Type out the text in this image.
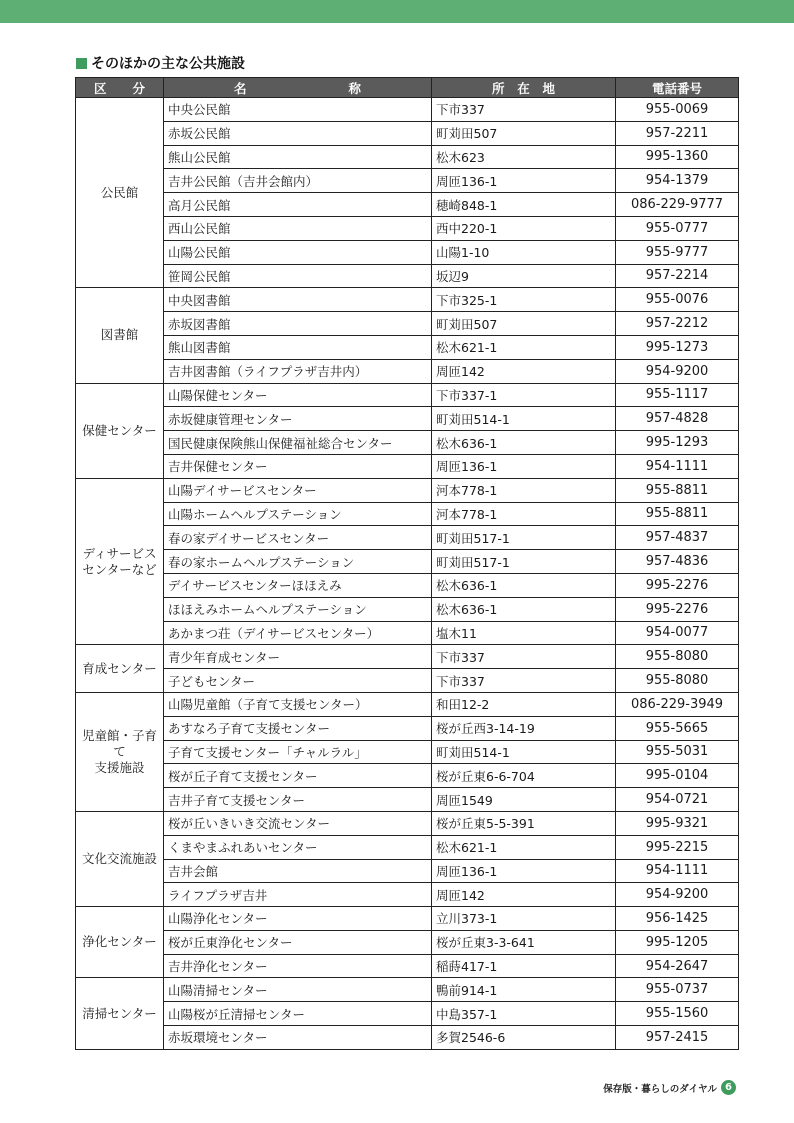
そのほかの主な公共施設
区 分	名 称	所 在 地	電話番号
公民館	中央公民館	下市337	955-0069
	赤坂公民館	町苅田507	957-2211
	熊山公民館	松木623	995-1360
	吉井公民館（吉井会館内）	周匝136-1	954-1379
	高月公民館	穂崎848-1	086-229-9777
	西山公民館	西中220-1	955-0777
	山陽公民館	山陽1-10	955-9777
	笹岡公民館	坂辺9	957-2214
図書館	中央図書館	下市325-1	955-0076
	赤坂図書館	町苅田507	957-2212
	熊山図書館	松木621-1	995-1273
	吉井図書館（ライフプラザ吉井内）	周匝142	954-9200
保健センター	山陽保健センター	下市337-1	955-1117
	赤坂健康管理センター	町苅田514-1	957-4828
	国民健康保険熊山保健福祉総合センター	松木636-1	995-1293
	吉井保健センター	周匝136-1	954-1111

ディサービス
センターなど	山陽デイサービスセンター	河本778-1	955-8811
	山陽ホームヘルプステーション	河本778-1	955-8811
	春の家デイサービスセンター	町苅田517-1	957-4837
	春の家ホームヘルプステーション	町苅田517-1	957-4836
	デイサービスセンターほほえみ	松木636-1	995-2276
	ほほえみホームヘルプステーション	松木636-1	995-2276
	あかまつ荘（デイサービスセンター）	塩木11	954-0077
育成センター	青少年育成センター	下市337	955-8080
	子どもセンター	下市337	955-8080

児童館・子育て
支援施設	山陽児童館（子育て支援センター）	和田12-2	086-229-3949
	あすなろ子育て支援センター	桜が丘西3-14-19	955-5665
	子育て支援センター「チャルラル」	町苅田514-1	955-5031
	桜が丘子育て支援センター	桜が丘東6-6-704	995-0104
	吉井子育て支援センター	周匝1549	954-0721
文化交流施設	桜が丘いきいき交流センター	桜が丘東5-5-391	995-9321
	くまやまふれあいセンター	松木621-1	995-2215
	吉井会館	周匝136-1	954-1111
	ライフプラザ吉井	周匝142	954-9200
浄化センター	山陽浄化センター	立川373-1	956-1425
	桜が丘東浄化センター	桜が丘東3-3-641	995-1205
	吉井浄化センター	稲蒔417-1	954-2647
清掃センター	山陽清掃センター	鴨前914-1	955-0737
	山陽桜が丘清掃センター	中島357-1	955-1560
	赤坂環境センター	多賀2546-6	957-2415
保存版・暮らしのダイヤル 6
